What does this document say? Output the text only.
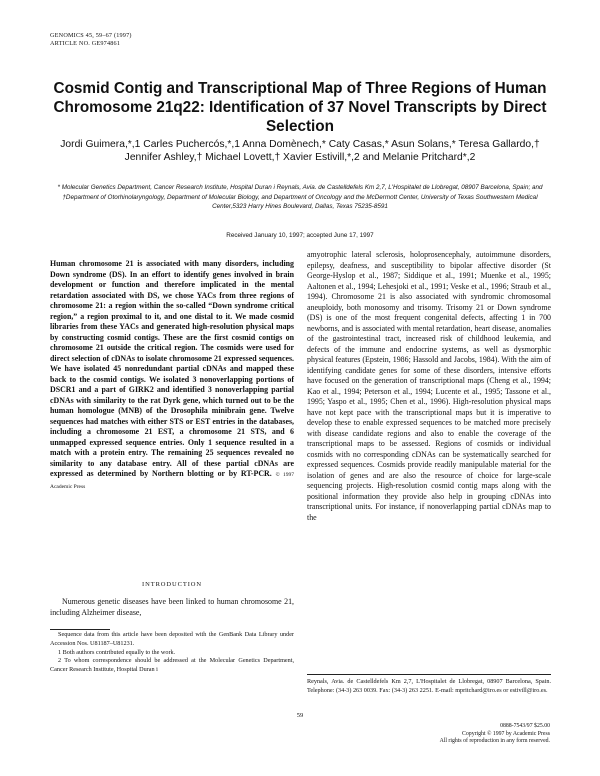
GENOMICS 45, 59–67 (1997)
ARTICLE NO. GE974861
Cosmid Contig and Transcriptional Map of Three Regions of Human Chromosome 21q22: Identification of 37 Novel Transcripts by Direct Selection
Jordi Guimera,*,1 Carles Puchercós,*,1 Anna Domènech,* Caty Casas,* Asun Solans,* Teresa Gallardo,† Jennifer Ashley,† Michael Lovett,† Xavier Estivill,*,2 and Melanie Pritchard*,2
* Molecular Genetics Department, Cancer Research Institute, Hospital Duran i Reynals, Avia. de Castelldefels Km 2,7, L'Hospitalet de Llobregat, 08907 Barcelona, Spain; and †Department of Otorhinolaryngology, Department of Molecular Biology, and Department of Oncology and the McDermott Center, University of Texas Southwestern Medical Center,5323 Harry Hines Boulevard, Dallas, Texas 75235-8591
Received January 10, 1997; accepted June 17, 1997
Human chromosome 21 is associated with many disorders, including Down syndrome (DS). In an effort to identify genes involved in brain development or function and therefore implicated in the mental retardation associated with DS, we chose YACs from three regions of chromosome 21: a region within the so-called “Down syndrome critical region,” a region proximal to it, and one distal to it. We made cosmid libraries from these YACs and generated high-resolution physical maps by constructing cosmid contigs. These are the first cosmid contigs on chromosome 21 outside the critical region. The cosmids were used for direct selection of cDNAs to isolate chromosome 21 expressed sequences. We have isolated 45 nonredundant partial cDNAs and mapped these back to the cosmid contigs. We isolated 3 nonoverlapping portions of DSCR1 and a part of GIRK2 and identified 3 nonoverlapping partial cDNAs with similarity to the rat Dyrk gene, which turned out to be the human homologue (MNB) of the Drosophila minibrain gene. Twelve sequences had matches with either STS or EST entries in the databases, including a chromosome 21 EST, a chromosome 21 STS, and 6 unmapped expressed sequence entries. Only 1 sequence resulted in a match with a protein entry. The remaining 25 sequences revealed no similarity to any database entry. All of these partial cDNAs are expressed as determined by Northern blotting or by RT-PCR. © 1997 Academic Press
INTRODUCTION
Numerous genetic diseases have been linked to human chromosome 21, including Alzheimer disease,

Sequence data from this article have been deposited with the GenBank Data Library under Accession Nos. U81187–U81231.

1 Both authors contributed equally to the work.

2 To whom correspondence should be addressed at the Molecular Genetics Department, Cancer Research Institute, Hospital Duran i

amyotrophic lateral sclerosis, holoprosencephaly, autoimmune disorders, epilepsy, deafness, and susceptibility to bipolar affective disorder (St George-Hyslop et al., 1987; Siddique et al., 1991; Muenke et al., 1995; Aaltonen et al., 1994; Lehesjoki et al., 1991; Veske et al., 1996; Straub et al., 1994). Chromosome 21 is also associated with syndromic chromosomal aneuploidy, both monosomy and trisomy. Trisomy 21 or Down syndrome (DS) is one of the most frequent congenital defects, affecting 1 in 700 newborns, and is associated with mental retardation, heart disease, anomalies of the gastrointestinal tract, increased risk of childhood leukemia, and defects of the immune and endocrine systems, as well as dysmorphic physical features (Epstein, 1986; Hassold and Jacobs, 1984). With the aim of identifying candidate genes for some of these disorders, intensive efforts have focused on the generation of transcriptional maps (Cheng et al., 1994; Kao et al., 1994; Peterson et al., 1994; Lucente et al., 1995; Tassone et al., 1995; Yaspo et al., 1995; Chen et al., 1996). High-resolution physical maps have not kept pace with the transcriptional maps but it is imperative to develop these to enable expressed sequences to be matched more precisely with disease candidate regions and also to enable the coverage of the transcriptional maps to be assessed. Regions of cosmids or individual cosmids with no corresponding cDNAs can be systematically searched for expressed sequences. Cosmids provide readily manipulable material for the isolation of genes and are also the resource of choice for large-scale sequencing projects. High-resolution cosmid contig maps along with the positional information they provide also help in grouping cDNAs into transcriptional units. For instance, if nonoverlapping partial cDNAs map to the
Reynals, Avia. de Castelldefels Km 2,7, L'Hospitalet de Llobregat, 08907 Barcelona, Spain. Telephone: (34-3) 263 0039. Fax: (34-3) 263 2251. E-mail: mpritchard@iro.es or estivill@iro.es.
59
0888-7543/97 $25.00
Copyright © 1997 by Academic Press
All rights of reproduction in any form reserved.
